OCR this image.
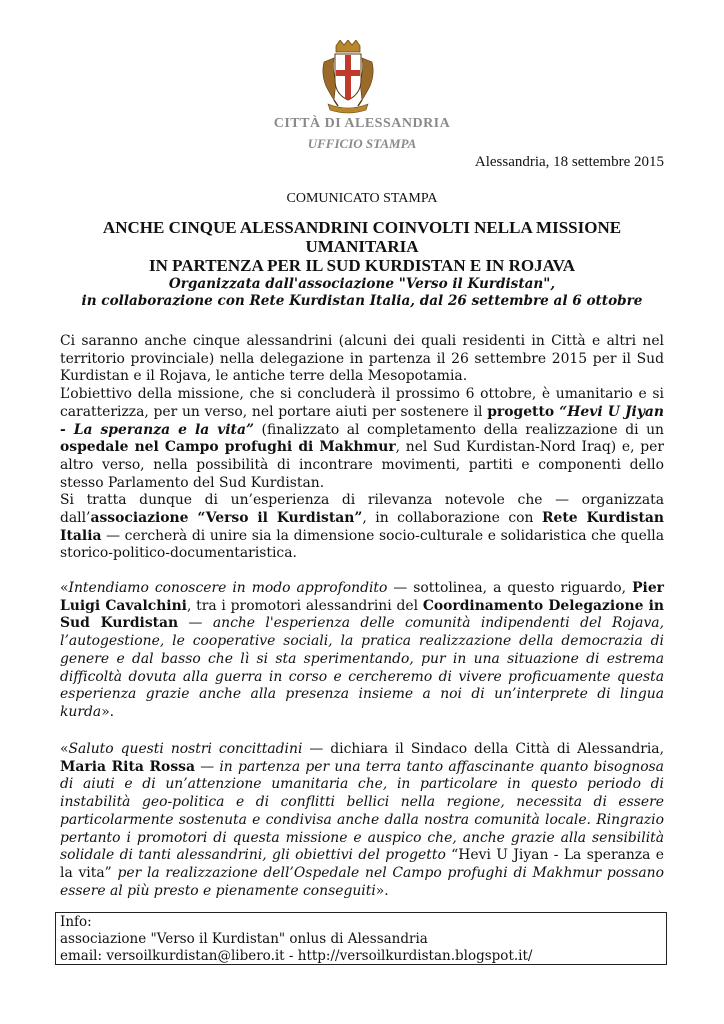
CITTÀ DI ALESSANDRIA
UFFICIO STAMPA
Alessandria, 18 settembre 2015
COMUNICATO STAMPA
ANCHE CINQUE ALESSANDRINI COINVOLTI NELLA MISSIONE UMANITARIA
IN PARTENZA PER IL SUD KURDISTAN E IN ROJAVA
Organizzata dall'associazione "Verso il Kurdistan",
in collaborazione con Rete Kurdistan Italia, dal 26 settembre al 6 ottobre

Ci saranno anche cinque alessandrini (alcuni dei quali residenti in Città e altri nel territorio provinciale) nella delegazione in partenza il 26 settembre 2015 per il Sud Kurdistan e il Rojava, le antiche terre della Mesopotamia.

L’obiettivo della missione, che si concluderà il prossimo 6 ottobre, è umanitario e si caratterizza, per un verso, nel portare aiuti per sostenere il progetto “Hevi U Jiyan - La speranza e la vita” (finalizzato al completamento della realizzazione di un ospedale nel Campo profughi di Makhmur, nel Sud Kurdistan-Nord Iraq) e, per altro verso, nella possibilità di incontrare movimenti, partiti e componenti dello stesso Parlamento del Sud Kurdistan.

Si tratta dunque di un’esperienza di rilevanza notevole che — organizzata dall’associazione “Verso il Kurdistan”, in collaborazione con Rete Kurdistan Italia — cercherà di unire sia la dimensione socio-culturale e solidaristica che quella storico-politico-documentaristica.

«Intendiamo conoscere in modo approfondito — sottolinea, a questo riguardo, Pier Luigi Cavalchini, tra i promotori alessandrini del Coordinamento Delegazione in Sud Kurdistan — anche l'esperienza delle comunità indipendenti del Rojava, l’autogestione, le cooperative sociali, la pratica realizzazione della democrazia di genere e dal basso che lì si sta sperimentando, pur in una situazione di estrema difficoltà dovuta alla guerra in corso e cercheremo di vivere proficuamente questa esperienza grazie anche alla presenza insieme a noi di un’interprete di lingua kurda».

«Saluto questi nostri concittadini — dichiara il Sindaco della Città di Alessandria, Maria Rita Rossa — in partenza per una terra tanto affascinante quanto bisognosa di aiuti e di un’attenzione umanitaria che, in particolare in questo periodo di instabilità geo-politica e di conflitti bellici nella regione, necessita di essere particolarmente sostenuta e condivisa anche dalla nostra comunità locale. Ringrazio pertanto i promotori di questa missione e auspico che, anche grazie alla sensibilità solidale di tanti alessandrini, gli obiettivi del progetto “Hevi U Jiyan - La speranza e la vita” per la realizzazione dell’Ospedale nel Campo profughi di Makhmur possano essere al più presto e pienamente conseguiti».

Info:
associazione "Verso il Kurdistan" onlus di Alessandria
email: versoilkurdistan@libero.it - http://versoilkurdistan.blogspot.it/
